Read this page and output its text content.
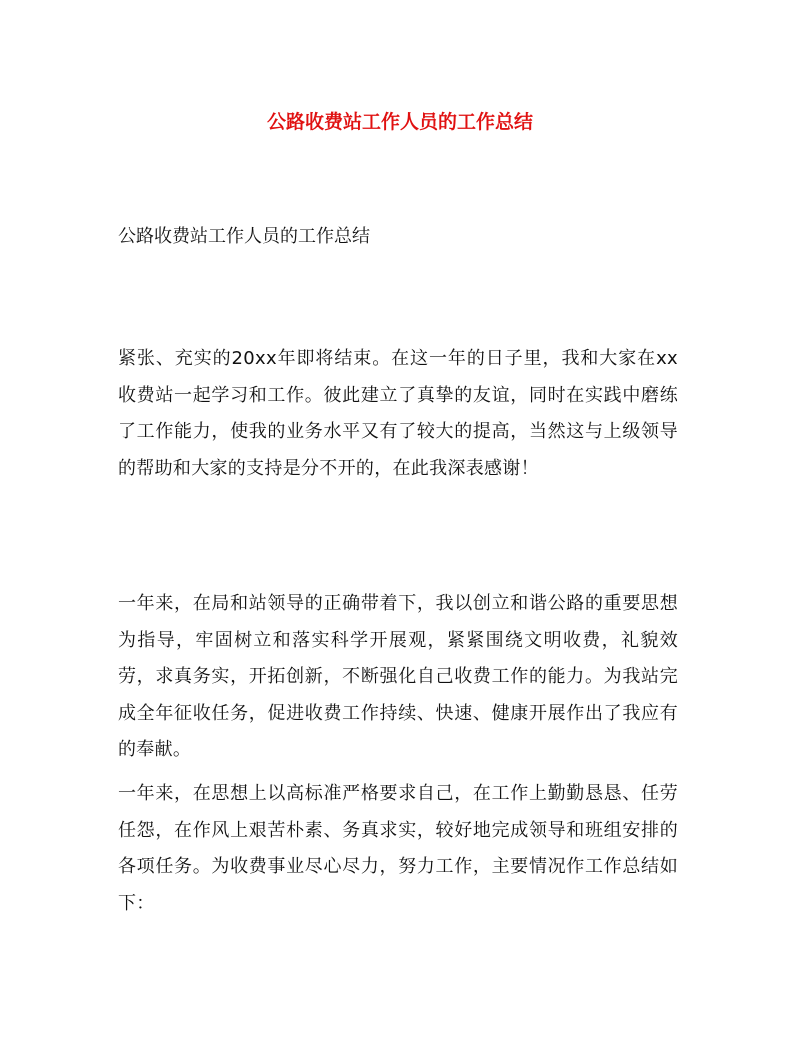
公路收费站工作人员的工作总结

公路收费站工作人员的工作总结

紧张、充实的20xx年即将结束。在这一年的日子里，我和大家在xx收费站一起学习和工作。彼此建立了真挚的友谊，同时在实践中磨练了工作能力，使我的业务水平又有了较大的提高，当然这与上级领导的帮助和大家的支持是分不开的，在此我深表感谢！

一年来，在局和站领导的正确带着下，我以创立和谐公路的重要思想为指导，牢固树立和落实科学开展观，紧紧围绕文明收费，礼貌效劳，求真务实，开拓创新，不断强化自己收费工作的能力。为我站完成全年征收任务，促进收费工作持续、快速、健康开展作出了我应有的奉献。

一年来，在思想上以高标准严格要求自己，在工作上勤勤恳恳、任劳任怨，在作风上艰苦朴素、务真求实，较好地完成领导和班组安排的各项任务。为收费事业尽心尽力，努力工作，主要情况作工作总结如下：
